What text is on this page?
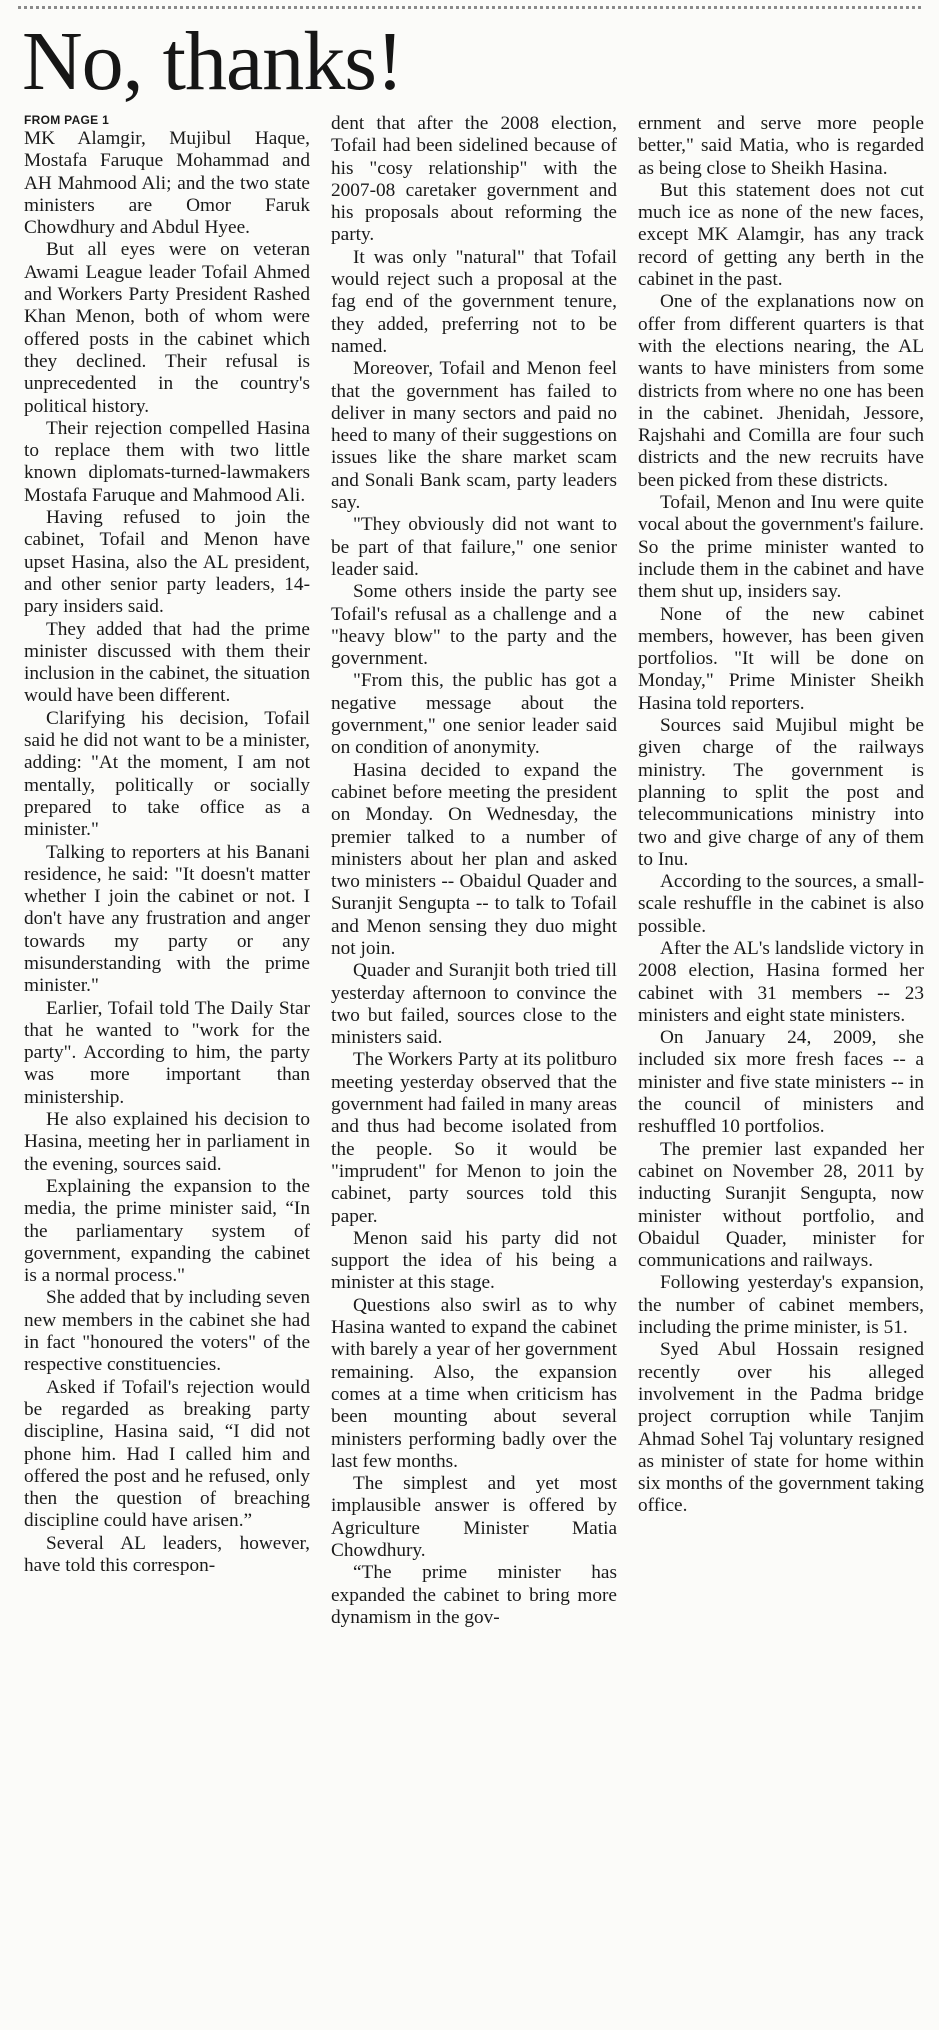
No, thanks!
FROM PAGE 1

MK Alamgir, Mujibul Haque, Mostafa Faruque Mohammad and AH Mahmood Ali; and the two state ministers are Omor Faruk Chowdhury and Abdul Hyee.

But all eyes were on veteran Awami League leader Tofail Ahmed and Workers Party President Rashed Khan Menon, both of whom were offered posts in the cabinet which they declined. Their refusal is unprecedented in the country's political history.

Their rejection compelled Hasina to replace them with two little known diplomats-turned-lawmakers Mostafa Faruque and Mahmood Ali.

Having refused to join the cabinet, Tofail and Menon have upset Hasina, also the AL president, and other senior party leaders, 14-pary insiders said.

They added that had the prime minister discussed with them their inclusion in the cabinet, the situation would have been different.

Clarifying his decision, Tofail said he did not want to be a minister, adding: "At the moment, I am not mentally, politically or socially prepared to take office as a minister."

Talking to reporters at his Banani residence, he said: "It doesn't matter whether I join the cabinet or not. I don't have any frustration and anger towards my party or any misunderstanding with the prime minister."

Earlier, Tofail told The Daily Star that he wanted to "work for the party". According to him, the party was more important than ministership.

He also explained his decision to Hasina, meeting her in parliament in the evening, sources said.

Explaining the expansion to the media, the prime minister said, “In the parliamentary system of government, expanding the cabinet is a normal process."

She added that by including seven new members in the cabinet she had in fact "honoured the voters" of the respective constituencies.

Asked if Tofail's rejection would be regarded as breaking party discipline, Hasina said, “I did not phone him. Had I called him and offered the post and he refused, only then the question of breaching discipline could have arisen.”

Several AL leaders, however, have told this correspon-

dent that after the 2008 election, Tofail had been sidelined because of his "cosy relationship" with the 2007-08 caretaker government and his proposals about reforming the party.

It was only "natural" that Tofail would reject such a proposal at the fag end of the government tenure, they added, preferring not to be named.

Moreover, Tofail and Menon feel that the government has failed to deliver in many sectors and paid no heed to many of their suggestions on issues like the share market scam and Sonali Bank scam, party leaders say.

"They obviously did not want to be part of that failure," one senior leader said.

Some others inside the party see Tofail's refusal as a challenge and a "heavy blow" to the party and the government.

"From this, the public has got a negative message about the government," one senior leader said on condition of anonymity.

Hasina decided to expand the cabinet before meeting the president on Monday. On Wednesday, the premier talked to a number of ministers about her plan and asked two ministers -- Obaidul Quader and Suranjit Sengupta -- to talk to Tofail and Menon sensing they duo might not join.

Quader and Suranjit both tried till yesterday afternoon to convince the two but failed, sources close to the ministers said.

The Workers Party at its politburo meeting yesterday observed that the government had failed in many areas and thus had become isolated from the people. So it would be "imprudent" for Menon to join the cabinet, party sources told this paper.

Menon said his party did not support the idea of his being a minister at this stage.

Questions also swirl as to why Hasina wanted to expand the cabinet with barely a year of her government remaining. Also, the expansion comes at a time when criticism has been mounting about several ministers performing badly over the last few months.

The simplest and yet most implausible answer is offered by Agriculture Minister Matia Chowdhury.

“The prime minister has expanded the cabinet to bring more dynamism in the gov-

ernment and serve more people better," said Matia, who is regarded as being close to Sheikh Hasina.

But this statement does not cut much ice as none of the new faces, except MK Alamgir, has any track record of getting any berth in the cabinet in the past.

One of the explanations now on offer from different quarters is that with the elections nearing, the AL wants to have ministers from some districts from where no one has been in the cabinet. Jhenidah, Jessore, Rajshahi and Comilla are four such districts and the new recruits have been picked from these districts.

Tofail, Menon and Inu were quite vocal about the government's failure. So the prime minister wanted to include them in the cabinet and have them shut up, insiders say.

None of the new cabinet members, however, has been given portfolios. "It will be done on Monday," Prime Minister Sheikh Hasina told reporters.

Sources said Mujibul might be given charge of the railways ministry. The government is planning to split the post and telecommunications ministry into two and give charge of any of them to Inu.

According to the sources, a small-scale reshuffle in the cabinet is also possible.

After the AL's landslide victory in 2008 election, Hasina formed her cabinet with 31 members -- 23 ministers and eight state ministers.

On January 24, 2009, she included six more fresh faces -- a minister and five state ministers -- in the council of ministers and reshuffled 10 portfolios.

The premier last expanded her cabinet on November 28, 2011 by inducting Suranjit Sengupta, now minister without portfolio, and Obaidul Quader, minister for communications and railways.

Following yesterday's expansion, the number of cabinet members, including the prime minister, is 51.

Syed Abul Hossain resigned recently over his alleged involvement in the Padma bridge project corruption while Tanjim Ahmad Sohel Taj voluntary resigned as minister of state for home within six months of the government taking office.
